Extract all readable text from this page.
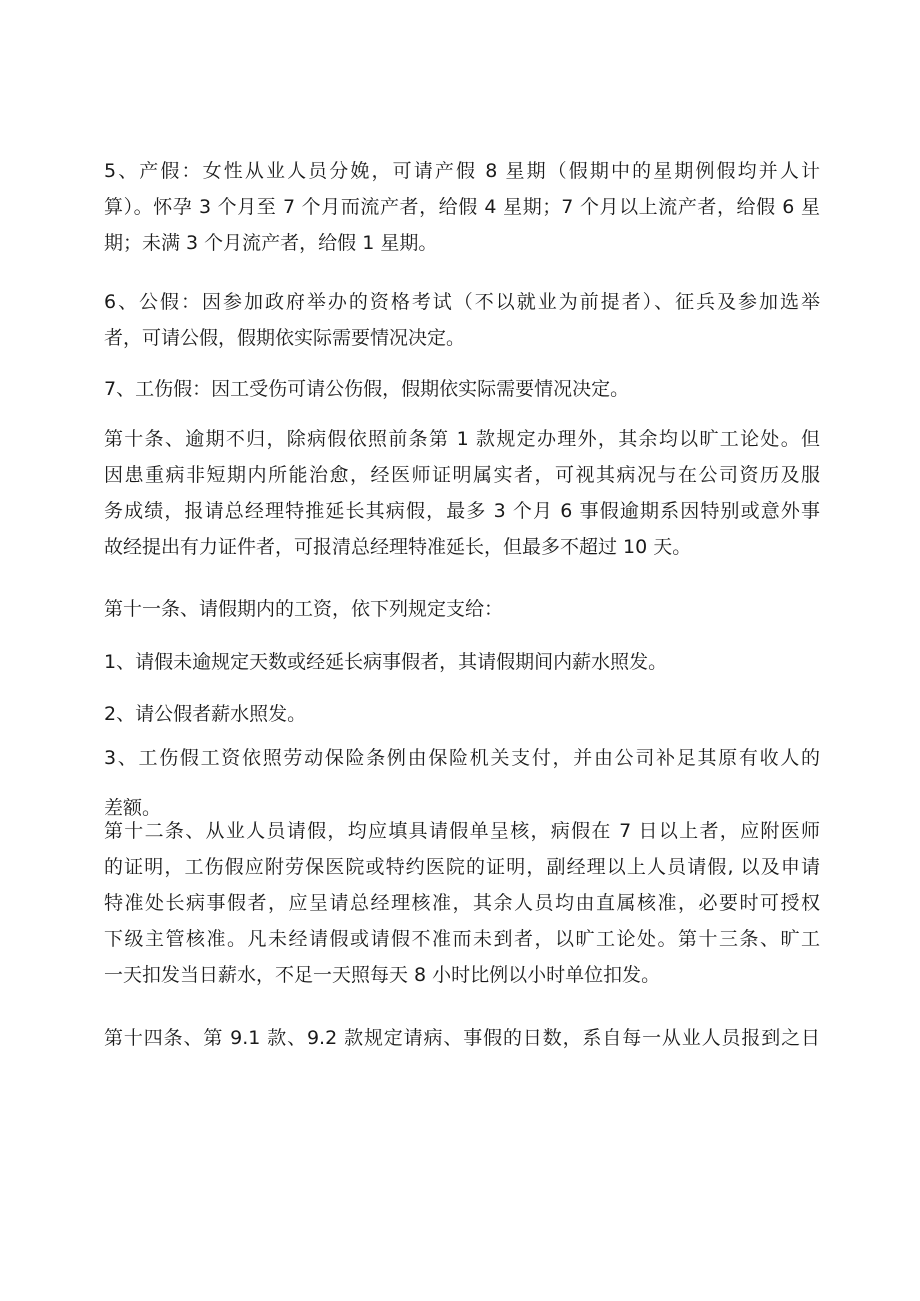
5、产假：女性从业人员分娩，可请产假 8 星期（假期中的星期例假均并人计
算）。怀孕 3 个月至 7 个月而流产者，给假 4 星期；7 个月以上流产者，给假 6 星
期；未满 3 个月流产者，给假 1 星期。
6、公假：因参加政府举办的资格考试（不以就业为前提者）、征兵及参加选举
者，可请公假，假期依实际需要情况决定。
7、工伤假：因工受伤可请公伤假，假期依实际需要情况决定。
第十条、逾期不归，除病假依照前条第 1 款规定办理外，其余均以旷工论处。但
因患重病非短期内所能治愈，经医师证明属实者，可视其病况与在公司资历及服
务成绩，报请总经理特推延长其病假，最多 3 个月 6 事假逾期系因特别或意外事
故经提出有力证件者，可报清总经理特准延长，但最多不超过 10 天。
第十一条、请假期内的工资，依下列规定支给：
1、请假未逾规定天数或经延长病事假者，其请假期间内薪水照发。
2、请公假者薪水照发。
3、工伤假工资依照劳动保险条例由保险机关支付，并由公司补足其原有收人的
差额。
第十二条、从业人员请假，均应填具请假单呈核，病假在 7 日以上者，应附医师
的证明，工伤假应附劳保医院或特约医院的证明，副经理以上人员请假, 以及申请
特准处长病事假者，应呈请总经理核准，其余人员均由直属核准，必要时可授权
下级主管核准。凡未经请假或请假不准而未到者，以旷工论处。第十三条、旷工
一天扣发当日薪水，不足一天照每天 8 小时比例以小时单位扣发。
第十四条、第 9.1 款、9.2 款规定请病、事假的日数，系自每一从业人员报到之日
